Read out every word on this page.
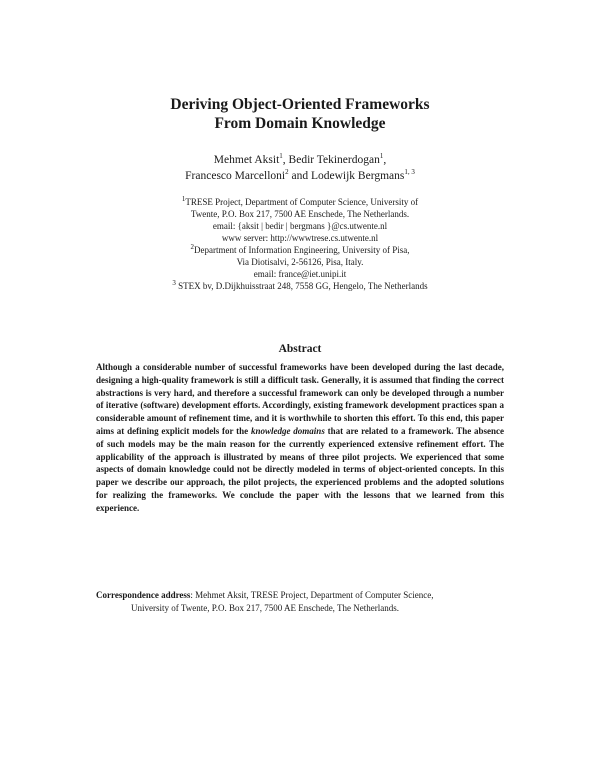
Deriving Object-Oriented Frameworks
From Domain Knowledge
Mehmet Aksit$^1$, Bedir Tekinerdogan$^1$,
Francesco Marcelloni$^2$ and Lodewijk Bergmans$^{1, 3}$
$^1$TRESE Project, Department of Computer Science, University of
Twente, P.O. Box 217, 7500 AE Enschede, The Netherlands.
email: {aksit | bedir | bergmans }@cs.utwente.nl
www server: http://wwwtrese.cs.utwente.nl
$^2$Department of Information Engineering, University of Pisa,
Via Diotisalvi, 2-56126, Pisa, Italy.
email: france@iet.unipi.it
$^3$ STEX bv, D.Dijkhuisstraat 248, 7558 GG, Hengelo, The Netherlands
Abstract

Although a considerable number of successful frameworks have been developed during the last decade, designing a high-quality framework is still a difficult task. Generally, it is assumed that finding the correct abstractions is very hard, and therefore a successful framework can only be developed through a number of iterative (software) development efforts. Accordingly, existing framework development practices span a considerable amount of refinement time, and it is worthwhile to shorten this effort. To this end, this paper aims at defining explicit models for the knowledge domains that are related to a framework. The absence of such models may be the main reason for the currently experienced extensive refinement effort. The applicability of the approach is illustrated by means of three pilot projects. We experienced that some aspects of domain knowledge could not be directly modeled in terms of object-oriented concepts. In this paper we describe our approach, the pilot projects, the experienced problems and the adopted solutions for realizing the frameworks. We conclude the paper with the lessons that we learned from this experience.

Correspondence address: Mehmet Aksit, TRESE Project, Department of Computer Science,
University of Twente, P.O. Box 217, 7500 AE Enschede, The Netherlands.
